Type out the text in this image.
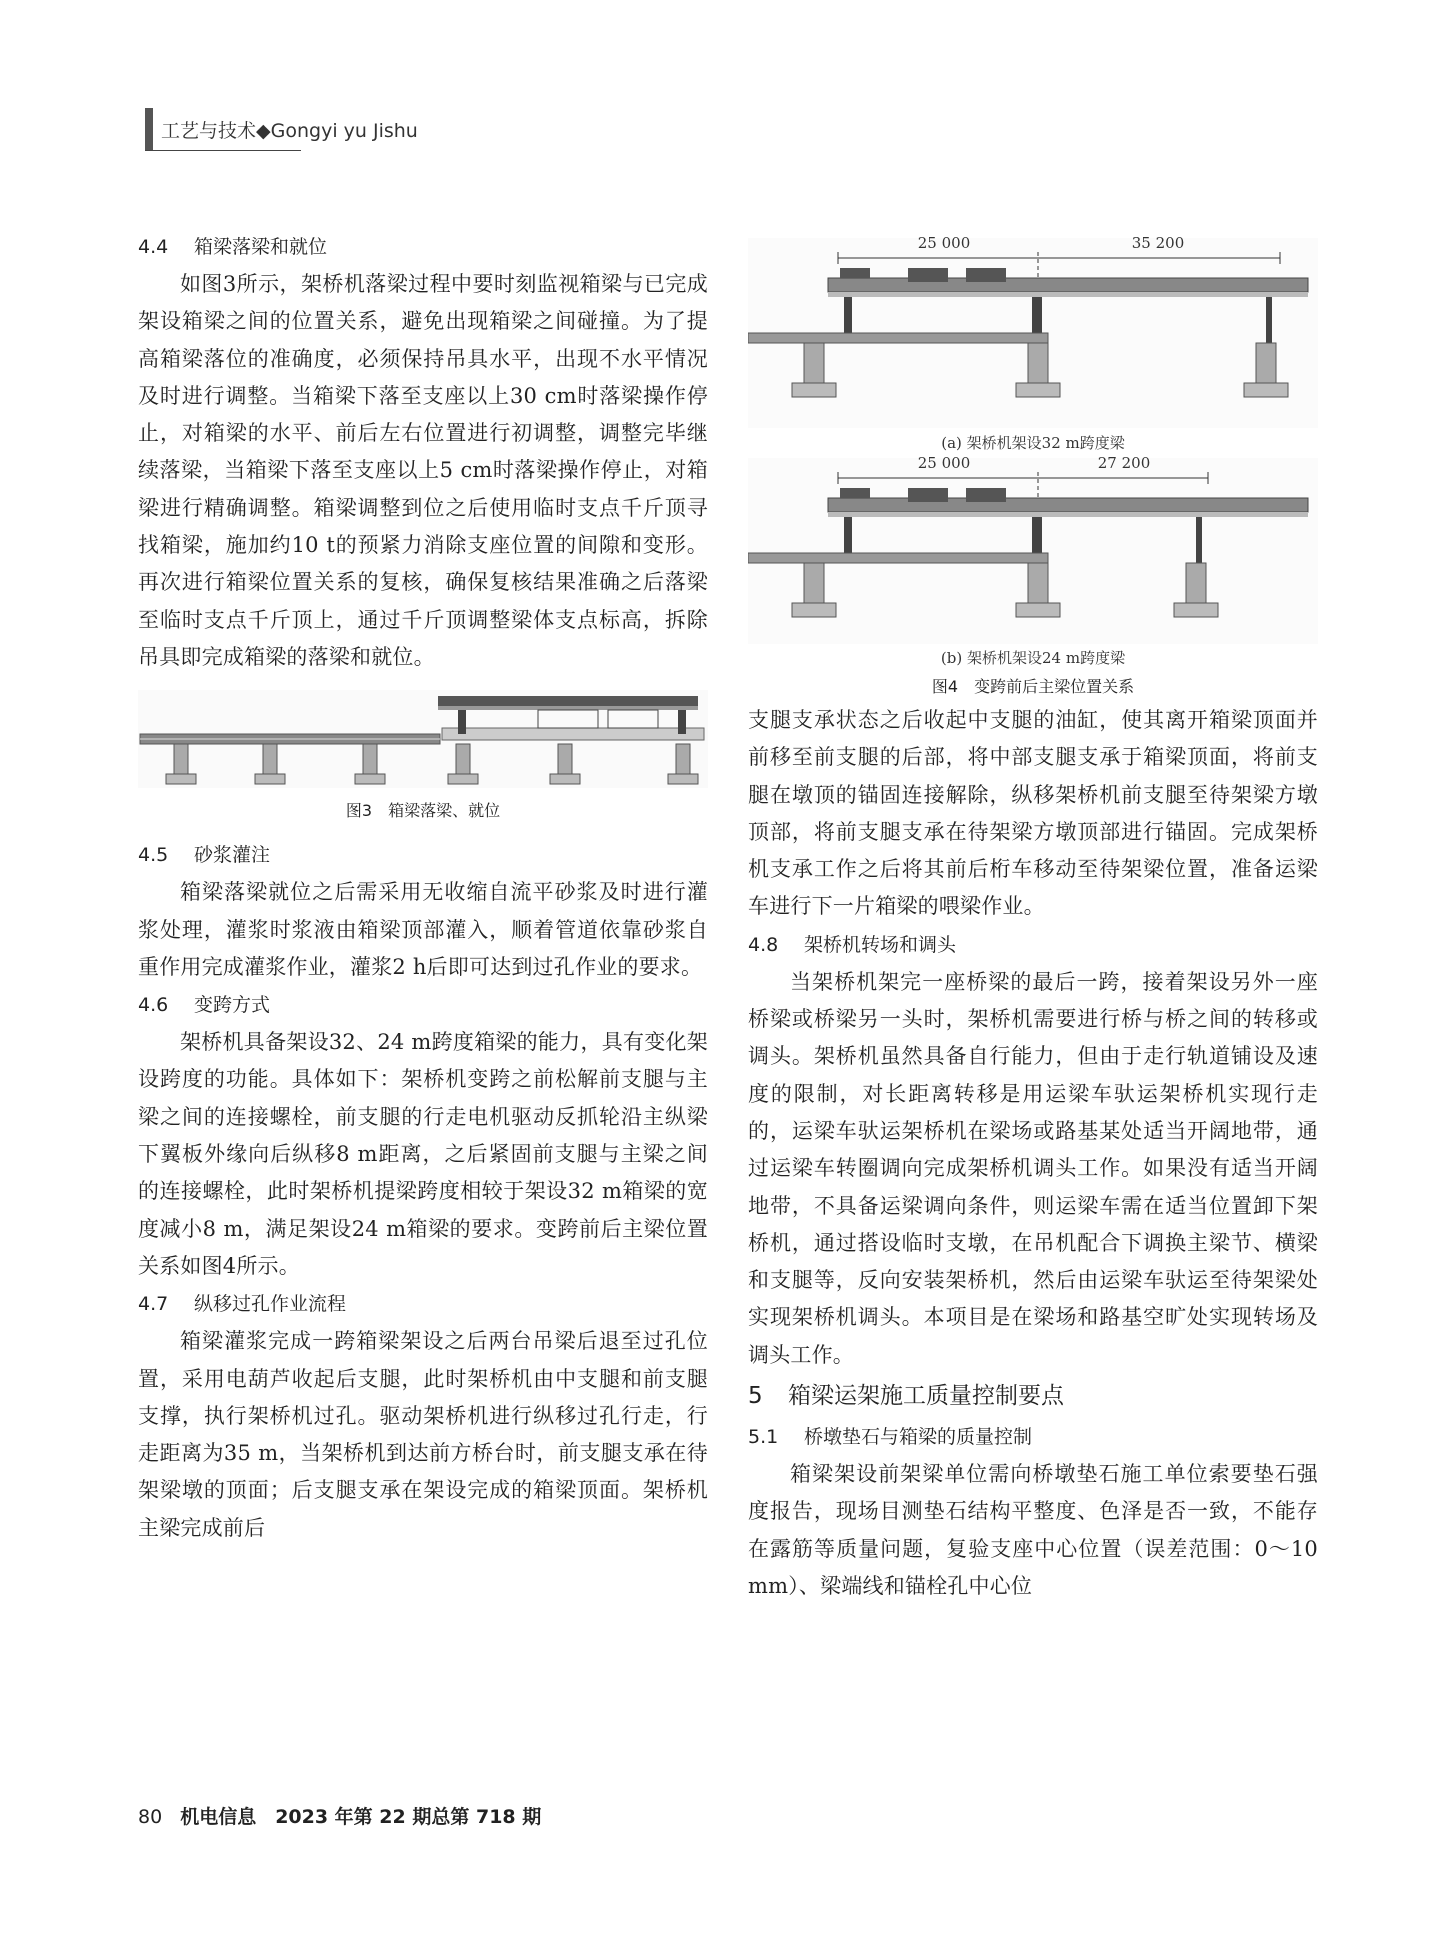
工艺与技术◆Gongyi yu Jishu
4.4 箱梁落梁和就位

如图3所示，架桥机落梁过程中要时刻监视箱梁与已完成架设箱梁之间的位置关系，避免出现箱梁之间碰撞。为了提高箱梁落位的准确度，必须保持吊具水平，出现不水平情况及时进行调整。当箱梁下落至支座以上30 cm时落梁操作停止，对箱梁的水平、前后左右位置进行初调整，调整完毕继续落梁，当箱梁下落至支座以上5 cm时落梁操作停止，对箱梁进行精确调整。箱梁调整到位之后使用临时支点千斤顶寻找箱梁，施加约10 t的预紧力消除支座位置的间隙和变形。再次进行箱梁位置关系的复核，确保复核结果准确之后落梁至临时支点千斤顶上，通过千斤顶调整梁体支点标高，拆除吊具即完成箱梁的落梁和就位。

图3　箱梁落梁、就位
4.5 砂浆灌注

箱梁落梁就位之后需采用无收缩自流平砂浆及时进行灌浆处理，灌浆时浆液由箱梁顶部灌入，顺着管道依靠砂浆自重作用完成灌浆作业，灌浆2 h后即可达到过孔作业的要求。

4.6 变跨方式

架桥机具备架设32、24 m跨度箱梁的能力，具有变化架设跨度的功能。具体如下：架桥机变跨之前松解前支腿与主梁之间的连接螺栓，前支腿的行走电机驱动反抓轮沿主纵梁下翼板外缘向后纵移8 m距离，之后紧固前支腿与主梁之间的连接螺栓，此时架桥机提梁跨度相较于架设32 m箱梁的宽度减小8 m，满足架设24 m箱梁的要求。变跨前后主梁位置关系如图4所示。

4.7 纵移过孔作业流程

箱梁灌浆完成一跨箱梁架设之后两台吊梁后退至过孔位置，采用电葫芦收起后支腿，此时架桥机由中支腿和前支腿支撑，执行架桥机过孔。驱动架桥机进行纵移过孔行走，行走距离为35 m，当架桥机到达前方桥台时，前支腿支承在待架梁墩的顶面；后支腿支承在架设完成的箱梁顶面。架桥机主梁完成前后

25 000	35 200
(a) 架桥机架设32 m跨度梁
25 000	27 200
(b) 架桥机架设24 m跨度梁
图4　变跨前后主梁位置关系

支腿支承状态之后收起中支腿的油缸，使其离开箱梁顶面并前移至前支腿的后部，将中部支腿支承于箱梁顶面，将前支腿在墩顶的锚固连接解除，纵移架桥机前支腿至待架梁方墩顶部，将前支腿支承在待架梁方墩顶部进行锚固。完成架桥机支承工作之后将其前后桁车移动至待架梁位置，准备运梁车进行下一片箱梁的喂梁作业。

4.8 架桥机转场和调头

当架桥机架完一座桥梁的最后一跨，接着架设另外一座桥梁或桥梁另一头时，架桥机需要进行桥与桥之间的转移或调头。架桥机虽然具备自行能力，但由于走行轨道铺设及速度的限制，对长距离转移是用运梁车驮运架桥机实现行走的，运梁车驮运架桥机在梁场或路基某处适当开阔地带，通过运梁车转圈调向完成架桥机调头工作。如果没有适当开阔地带，不具备运梁调向条件，则运梁车需在适当位置卸下架桥机，通过搭设临时支墩，在吊机配合下调换主梁节、横梁和支腿等，反向安装架桥机，然后由运梁车驮运至待架梁处实现架桥机调头。本项目是在梁场和路基空旷处实现转场及调头工作。

5 箱梁运架施工质量控制要点
5.1 桥墩垫石与箱梁的质量控制

箱梁架设前架梁单位需向桥墩垫石施工单位索要垫石强度报告，现场目测垫石结构平整度、色泽是否一致，不能存在露筋等质量问题，复验支座中心位置（误差范围：0～10 mm）、梁端线和锚栓孔中心位

80 机电信息　2023 年第 22 期总第 718 期
